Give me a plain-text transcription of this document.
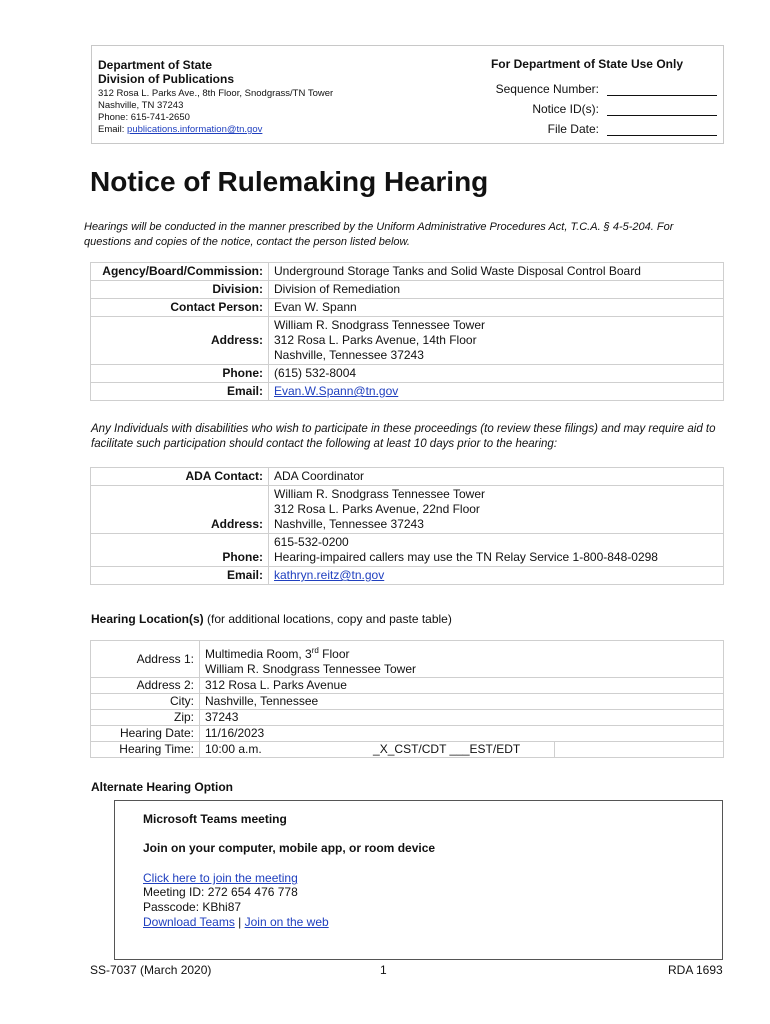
Department of State
Division of Publications
312 Rosa L. Parks Ave., 8th Floor, Snodgrass/TN Tower
Nashville, TN 37243
Phone: 615-741-2650
Email: publications.information@tn.gov
For Department of State Use Only
Sequence Number:
Notice ID(s):
File Date:
Notice of Rulemaking Hearing
Hearings will be conducted in the manner prescribed by the Uniform Administrative Procedures Act, T.C.A. § 4-5-204. For questions and copies of the notice, contact the person listed below.
Agency/Board/Commission:	Underground Storage Tanks and Solid Waste Disposal Control Board
Division:	Division of Remediation
Contact Person:	Evan W. Spann
Address:	William R. Snodgrass Tennessee Tower
312 Rosa L. Parks Avenue, 14th Floor
Nashville, Tennessee 37243

Phone:	(615) 532-8004
Email:	Evan.W.Spann@tn.gov
Any Individuals with disabilities who wish to participate in these proceedings (to review these filings) and may require aid to facilitate such participation should contact the following at least 10 days prior to the hearing:
ADA Contact:	ADA Coordinator
Address:	William R. Snodgrass Tennessee Tower
312 Rosa L. Parks Avenue, 22nd Floor
Nashville, Tennessee 37243

Phone:	615-532-0200
Hearing-impaired callers may use the TN Relay Service 1-800-848-0298

Email:	kathryn.reitz@tn.gov
Hearing Location(s) (for additional locations, copy and paste table)
Address 1:	Multimedia Room, 3rd Floor
William R. Snodgrass Tennessee Tower	

Address 2:	312 Rosa L. Parks Avenue	
City:	Nashville, Tennessee	
Zip:	37243	
Hearing Date:	11/16/2023	
Hearing Time:	10:00 a.m. _X_CST/CDT ___EST/EDT	
Alternate Hearing Option
Microsoft Teams meeting
Join on your computer, mobile app, or room device
Click here to join the meeting
Meeting ID: 272 654 476 778
Passcode: KBhi87
Download Teams | Join on the web
SS-7037 (March 2020)	1	RDA 1693
